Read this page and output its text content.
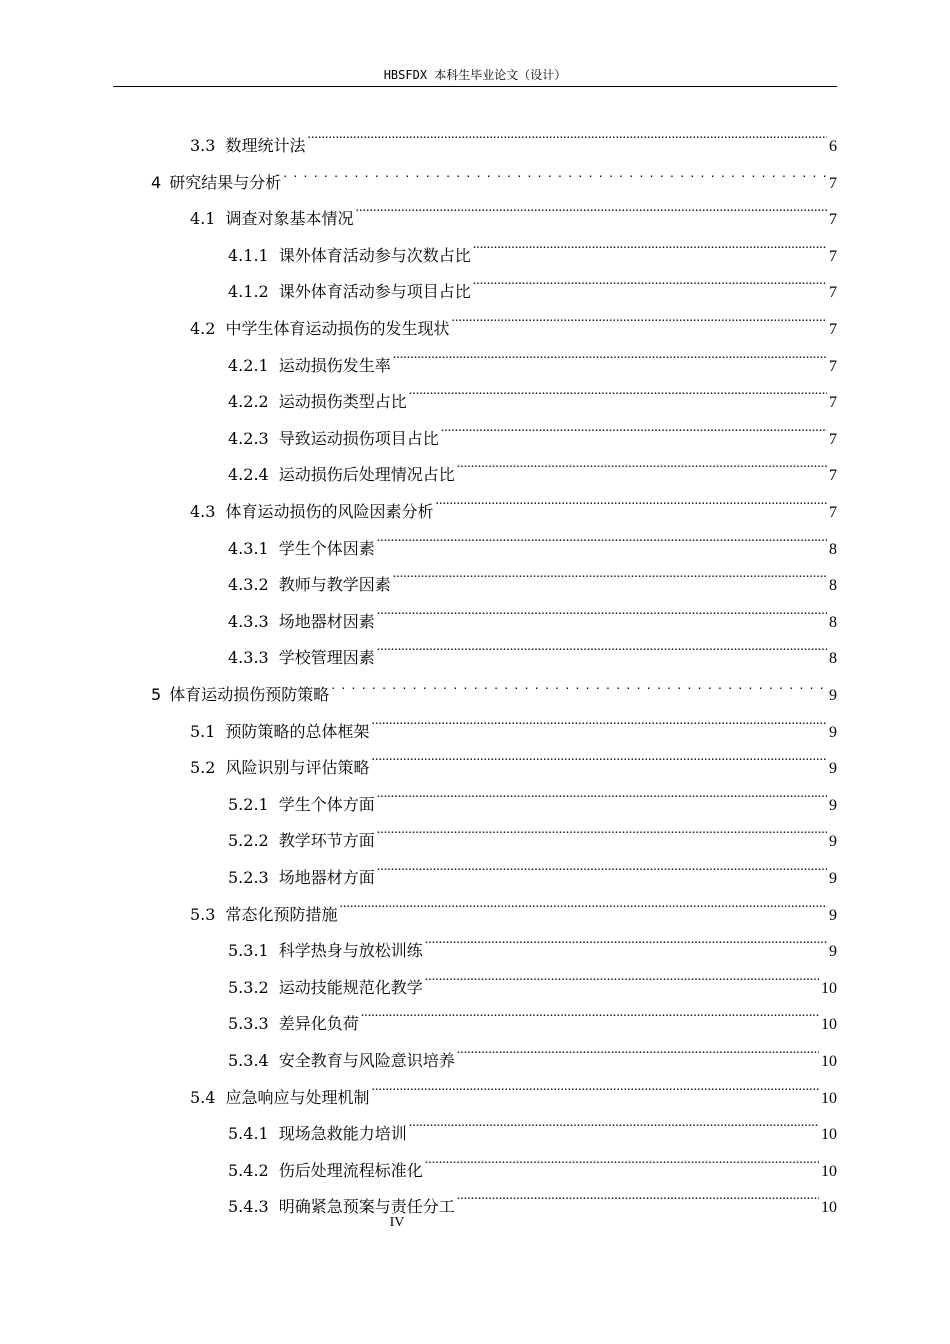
HBSFDX 本科生毕业论文（设计）
3.3 数理统计法 .....	6
4 研究结果与分析 . . .	7
4.1 调查对象基本情况 .....	7
4.1.1 课外体育活动参与次数占比 .....	7
4.1.2 课外体育活动参与项目占比 .....	7
4.2 中学生体育运动损伤的发生现状 .....	7
4.2.1 运动损伤发生率 .....	7
4.2.2 运动损伤类型占比 .....	7
4.2.3 导致运动损伤项目占比 .....	7
4.2.4 运动损伤后处理情况占比 .....	7
4.3 体育运动损伤的风险因素分析 .....	7
4.3.1 学生个体因素 .....	8
4.3.2 教师与教学因素 .....	8
4.3.3 场地器材因素 .....	8
4.3.3 学校管理因素 .....	8
5 体育运动损伤预防策略 . . .	9
5.1 预防策略的总体框架 .....	9
5.2 风险识别与评估策略 .....	9
5.2.1 学生个体方面 .....	9
5.2.2 教学环节方面 .....	9
5.2.3 场地器材方面 .....	9
5.3 常态化预防措施 .....	9
5.3.1 科学热身与放松训练 .....	9
5.3.2 运动技能规范化教学 .....	10
5.3.3 差异化负荷 .....	10
5.3.4 安全教育与风险意识培养 .....	10
5.4 应急响应与处理机制 .....	10
5.4.1 现场急救能力培训 .....	10
5.4.2 伤后处理流程标准化 .....	10
5.4.3 明确紧急预案与责任分工 .....	10
IV
